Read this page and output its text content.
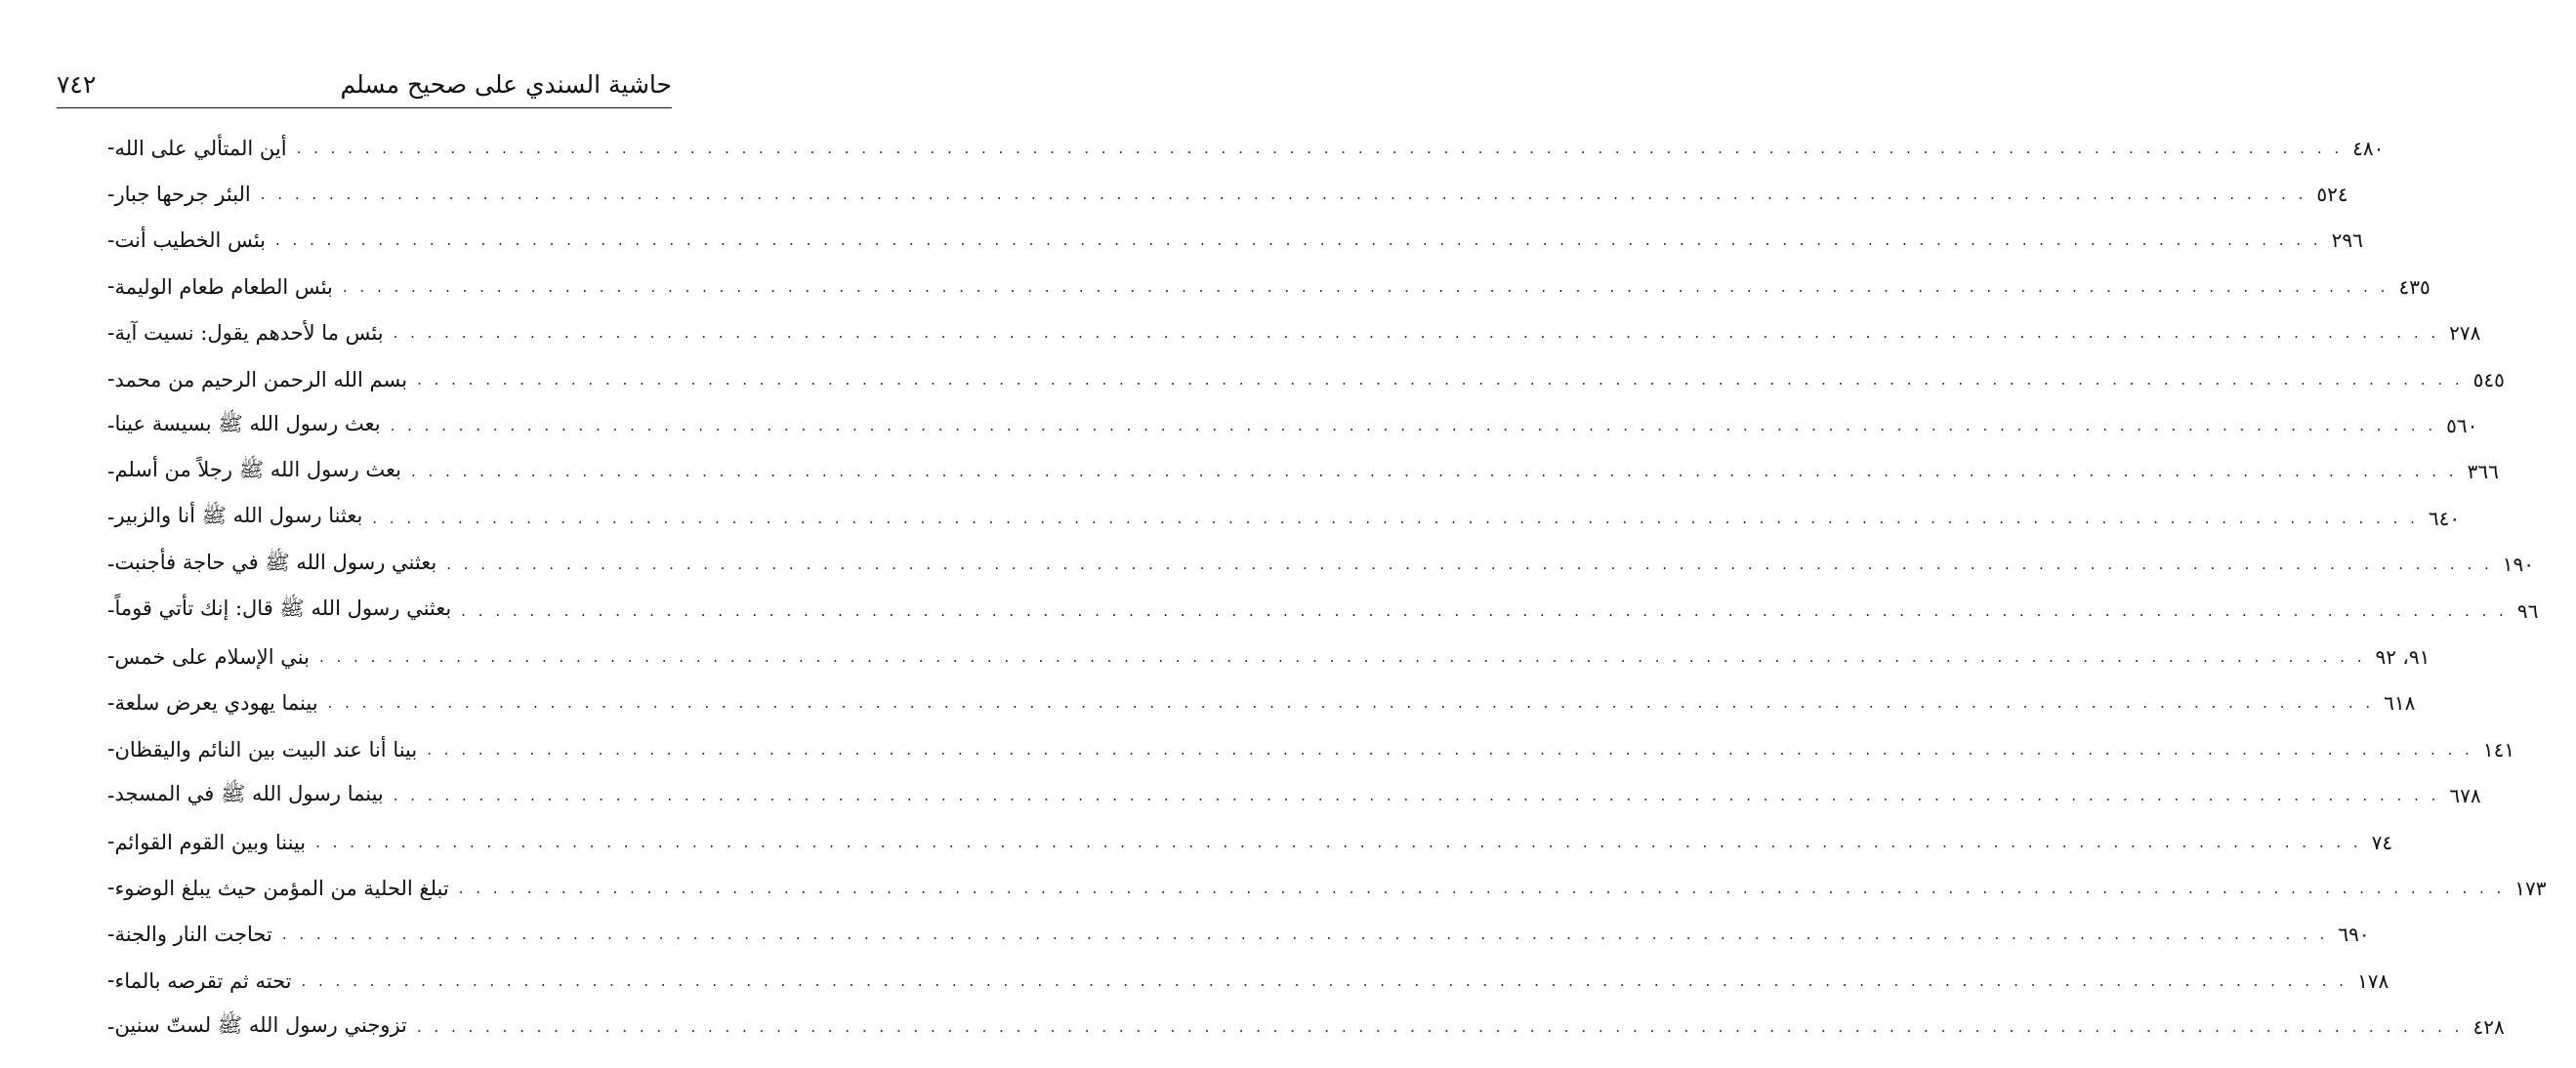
حاشية السندي على صحيح مسلم
٧٤٢
- أين المتألي على الله . . . . . . . . . . . . . . . . . . . . . . . . . . . . . . . . . . . . . . . . . . . . . . . . . . . . . . . . . . . . . . . . . . . . . . . . . . . . . . . . . . . . . . . . . . . . . . . . . . . . . . . . . . . . . . . . . . . . . . . . ٤٨٠
- البئر جرحها جبار . . . . . . . . . . . . . . . . . . . . . . . . . . . . . . . . . . . . . . . . . . . . . . . . . . . . . . . . . . . . . . . . . . . . . . . . . . . . . . . . . . . . . . . . . . . . . . . . . . . . . . . . . . . . . . . . . . . . . . . . ٥٢٤
- بئس الخطيب أنت . . . . . . . . . . . . . . . . . . . . . . . . . . . . . . . . . . . . . . . . . . . . . . . . . . . . . . . . . . . . . . . . . . . . . . . . . . . . . . . . . . . . . . . . . . . . . . . . . . . . . . . . . . . . . . . . . . . . . . . . ٢٩٦
- بئس الطعام طعام الوليمة . . . . . . . . . . . . . . . . . . . . . . . . . . . . . . . . . . . . . . . . . . . . . . . . . . . . . . . . . . . . . . . . . . . . . . . . . . . . . . . . . . . . . . . . . . . . . . . . . . . . . . . . . . . . . . . . . . . . . . . . ٤٣٥
- بئس ما لأحدهم يقول: نسيت آية . . . . . . . . . . . . . . . . . . . . . . . . . . . . . . . . . . . . . . . . . . . . . . . . . . . . . . . . . . . . . . . . . . . . . . . . . . . . . . . . . . . . . . . . . . . . . . . . . . . . . . . . . . . . . . . . . . . . . . . . ٢٧٨
- بسم الله الرحمن الرحيم من محمد . . . . . . . . . . . . . . . . . . . . . . . . . . . . . . . . . . . . . . . . . . . . . . . . . . . . . . . . . . . . . . . . . . . . . . . . . . . . . . . . . . . . . . . . . . . . . . . . . . . . . . . . . . . . . . . . . . . . . . . . ٥٤٥
- بعث رسول الله ﷺ بسيسة عينا . . . . . . . . . . . . . . . . . . . . . . . . . . . . . . . . . . . . . . . . . . . . . . . . . . . . . . . . . . . . . . . . . . . . . . . . . . . . . . . . . . . . . . . . . . . . . . . . . . . . . . . . . . . . . . . . . . . . . . . . ٥٦٠
- بعث رسول الله ﷺ رجلاً من أسلم . . . . . . . . . . . . . . . . . . . . . . . . . . . . . . . . . . . . . . . . . . . . . . . . . . . . . . . . . . . . . . . . . . . . . . . . . . . . . . . . . . . . . . . . . . . . . . . . . . . . . . . . . . . . . . . . . . . . . . . . ٣٦٦
- بعثنا رسول الله ﷺ أنا والزبير . . . . . . . . . . . . . . . . . . . . . . . . . . . . . . . . . . . . . . . . . . . . . . . . . . . . . . . . . . . . . . . . . . . . . . . . . . . . . . . . . . . . . . . . . . . . . . . . . . . . . . . . . . . . . . . . . . . . . . . . ٦٤٠
- بعثني رسول الله ﷺ في حاجة فأجنبت . . . . . . . . . . . . . . . . . . . . . . . . . . . . . . . . . . . . . . . . . . . . . . . . . . . . . . . . . . . . . . . . . . . . . . . . . . . . . . . . . . . . . . . . . . . . . . . . . . . . . . . . . . . . . . . . . . . . . . . . ١٩٠
- بعثني رسول الله ﷺ قال: إنك تأتي قوماً . . . . . . . . . . . . . . . . . . . . . . . . . . . . . . . . . . . . . . . . . . . . . . . . . . . . . . . . . . . . . . . . . . . . . . . . . . . . . . . . . . . . . . . . . . . . . . . . . . . . . . . . . . . . . . . . . . . . . . . . ٩٦
- بني الإسلام على خمس . . . . . . . . . . . . . . . . . . . . . . . . . . . . . . . . . . . . . . . . . . . . . . . . . . . . . . . . . . . . . . . . . . . . . . . . . . . . . . . . . . . . . . . . . . . . . . . . . . . . . . . . . . . . . . . . . . . . . . . . ٩١، ٩٢
- بينما يهودي يعرض سلعة . . . . . . . . . . . . . . . . . . . . . . . . . . . . . . . . . . . . . . . . . . . . . . . . . . . . . . . . . . . . . . . . . . . . . . . . . . . . . . . . . . . . . . . . . . . . . . . . . . . . . . . . . . . . . . . . . . . . . . . . ٦١٨
- بينا أنا عند البيت بين النائم واليقظان . . . . . . . . . . . . . . . . . . . . . . . . . . . . . . . . . . . . . . . . . . . . . . . . . . . . . . . . . . . . . . . . . . . . . . . . . . . . . . . . . . . . . . . . . . . . . . . . . . . . . . . . . . . . . . . . . . . . . . . . ١٤١
- بينما رسول الله ﷺ في المسجد . . . . . . . . . . . . . . . . . . . . . . . . . . . . . . . . . . . . . . . . . . . . . . . . . . . . . . . . . . . . . . . . . . . . . . . . . . . . . . . . . . . . . . . . . . . . . . . . . . . . . . . . . . . . . . . . . . . . . . . . ٦٧٨
- بيننا وبين القوم القوائم . . . . . . . . . . . . . . . . . . . . . . . . . . . . . . . . . . . . . . . . . . . . . . . . . . . . . . . . . . . . . . . . . . . . . . . . . . . . . . . . . . . . . . . . . . . . . . . . . . . . . . . . . . . . . . . . . . . . . . . . ٧٤
- تبلغ الحلية من المؤمن حيث يبلغ الوضوء . . . . . . . . . . . . . . . . . . . . . . . . . . . . . . . . . . . . . . . . . . . . . . . . . . . . . . . . . . . . . . . . . . . . . . . . . . . . . . . . . . . . . . . . . . . . . . . . . . . . . . . . . . . . . . . . . . . . . . . . ١٧٣
- تحاجت النار والجنة . . . . . . . . . . . . . . . . . . . . . . . . . . . . . . . . . . . . . . . . . . . . . . . . . . . . . . . . . . . . . . . . . . . . . . . . . . . . . . . . . . . . . . . . . . . . . . . . . . . . . . . . . . . . . . . . . . . . . . . . ٦٩٠
- تحته ثم تقرصه بالماء . . . . . . . . . . . . . . . . . . . . . . . . . . . . . . . . . . . . . . . . . . . . . . . . . . . . . . . . . . . . . . . . . . . . . . . . . . . . . . . . . . . . . . . . . . . . . . . . . . . . . . . . . . . . . . . . . . . . . . . . ١٧٨
- تزوجني رسول الله ﷺ لستّ سنين . . . . . . . . . . . . . . . . . . . . . . . . . . . . . . . . . . . . . . . . . . . . . . . . . . . . . . . . . . . . . . . . . . . . . . . . . . . . . . . . . . . . . . . . . . . . . . . . . . . . . . . . . . . . . . . . . . . . . . . . ٤٢٨
